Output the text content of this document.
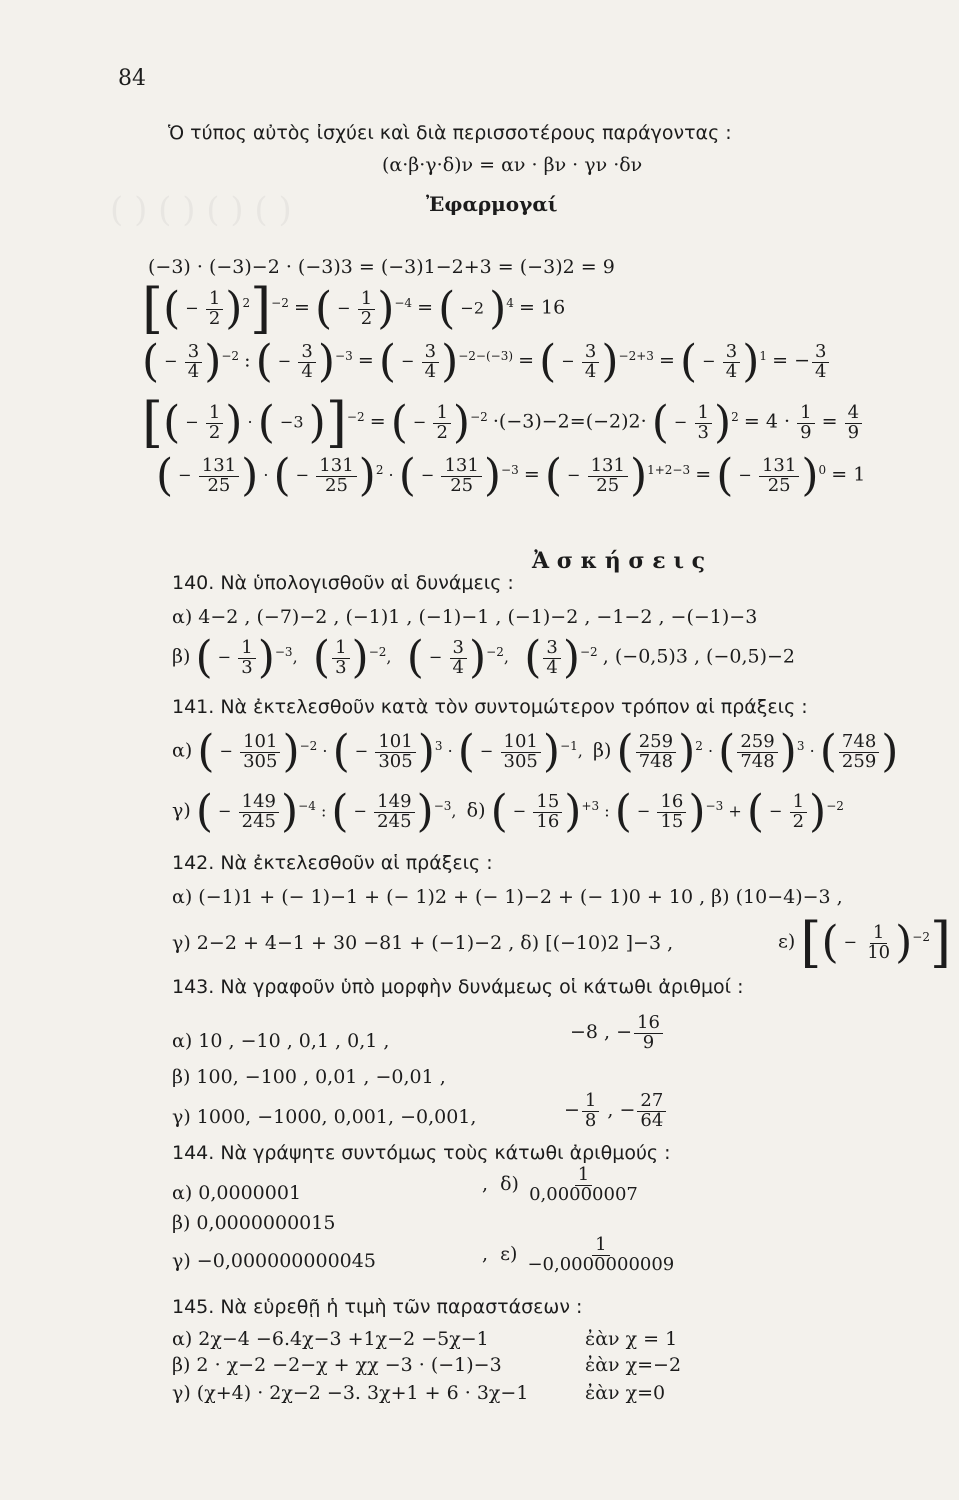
( ) ( ) ( ) ( )
84
Ὁ τύπος αὐτὸς ἰσχύει καὶ διὰ περισσοτέρους παράγοντας :
(α·β·γ·δ)ν = αν · βν · γν ·δν
Ἐφαρμογαί
(−3) · (−3)−2 · (−3)3 = (−3)1−2+3 = (−3)2 = 9
[( − $\frac{1}{2} )^2]^{-2}$ = ( − $\frac{1}{2} )^{-4}$ = ( −2 )$^4$ = 16
( − $\frac{3}{4} )^{-2}$ : ( − $\frac{3}{4} )^{-3}$ = ( − $\frac{3}{4} )^{-2-(-3)}$ = ( − $\frac{3}{4} )^{-2+3}$ = ( − $\frac{3}{4} )^1$ = − $\frac{3}{4}$
[( − $\frac{1}{2}$ ) · ( −3 )]$^{-2}$ = ( − $\frac{1}{2} )^{-2} \cdot(-3)-2=(-2)2\cdot$ ( − $\frac{1}{3} )^2 = 4 \cdot \frac{1}{9} = \frac{4}{9}$
( − $\frac{131}{25}$ ) · ( − $\frac{131}{25} )^2$ · ( − $\frac{131}{25} )^{-3}$ = ( − $\frac{131}{25} )^{1+2-3}$ = ( − $\frac{131}{25} )^0 = 1$
Ἀ σ κ ή σ ε ι ς
140. Νὰ ὑπολογισθοῦν αἱ δυνάμεις :
α) 4−2 , (−7)−2 , (−1)1 , (−1)−1 , (−1)−2 , −1−2 , −(−1)−3
β) ( − $\frac{1}{3} )^{-3}$,   ( $\frac{1}{3} )^{-2}$,   ( − $\frac{3}{4} )^{-2}$,   ( $\frac{3}{4} )^{-2}$ , (−0,5)3 , (−0,5)−2
141. Νὰ ἐκτελεσθοῦν κατὰ τὸν συντομώτερον τρόπον αἱ πράξεις :
α) ( − $\frac{101}{305} )^{-2}$ · ( − $\frac{101}{305} )^3$ · ( − $\frac{101}{305} )^{-1}$,  β) ( $\frac{259}{748} )^2$ · ( $\frac{259}{748} )^3$ · ( $\frac{748}{259}$ )
γ) ( − $\frac{149}{245} )^{-4}$ : ( − $\frac{149}{245} )^{-3}$,  δ) ( − $\frac{15}{16} )^{+3}$ : ( − $\frac{16}{15} )^{-3}$ + ( − $\frac{1}{2} )^{-2}$
142. Νὰ ἐκτελεσθοῦν αἱ πράξεις :
α) (−1)1 + (− 1)−1 + (− 1)2 + (− 1)−2 + (− 1)0 + 10 , β) (10−4)−3 ,
γ) 2−2 + 4−1 + 30 −81 + (−1)−2 , δ) [(−10)2 ]−3 ,	ε) [( − $\frac{1}{10} )^{-2}$]
143. Νὰ γραφοῦν ὑπὸ μορφὴν δυνάμεως οἱ κάτωθι ἀριθμοί :
α) 10 , −10 , 0,1 , 0,1 ,	−8 , − $\frac{16}{9}$
β) 100, −100 , 0,01 , −0,01 ,
γ) 1000, −1000, 0,001, −0,001,	− $\frac{1}{8}$ , − $\frac{27}{64}$
144. Νὰ γράψητε συντόμως τοὺς κάτωθι ἀριθμούς :
α) 0,0000001	,  $\delta) \frac{1}{0,00000007}$
β) 0,0000000015
γ) −0,000000000045	,  $\varepsilon) \frac{1}{-0,0000000009}$
145. Νὰ εὑρεθῇ ἡ τιμὴ τῶν παραστάσεων :
α) 2χ−4 −6.4χ−3 +1χ−2 −5χ−1	ἐὰν χ = 1
β) 2 · χ−2 −2−χ + χχ −3 · (−1)−3	ἐὰν χ=−2
γ) (χ+4) · 2χ−2 −3. 3χ+1 + 6 · 3χ−1	ἐὰν χ=0
